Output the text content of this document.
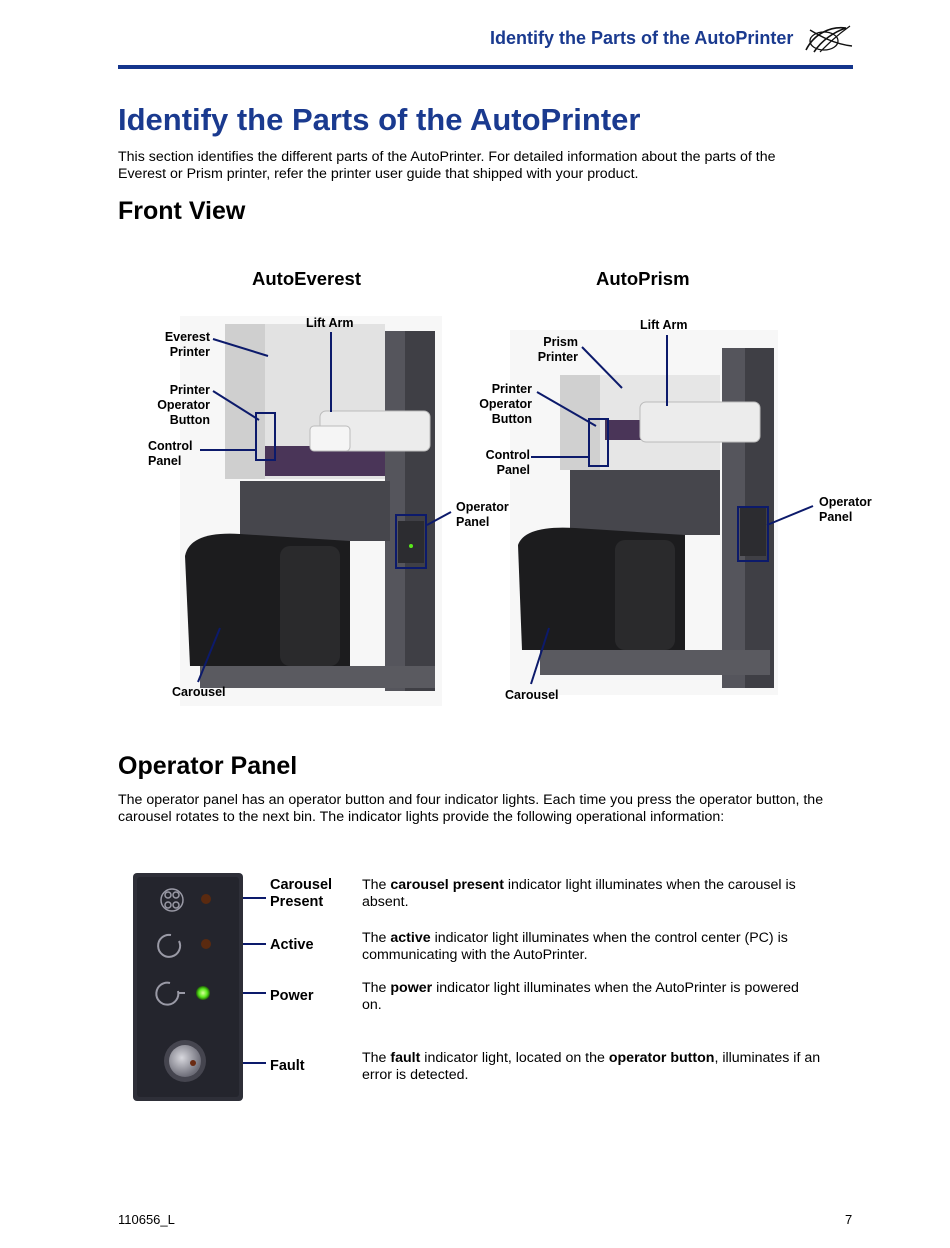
Identify the Parts of the AutoPrinter
Identify the Parts of the AutoPrinter
This section identifies the different parts of the AutoPrinter. For detailed information about the parts of the
Everest or Prism printer, refer the printer user guide that shipped with your product.
Front View
AutoEverest	AutoPrism
Everest
Printer
Lift Arm
Printer
Operator
Button
Control
Panel
Operator
Panel
Carousel
Prism
Printer
Lift Arm
Printer
Operator
Button
Control
Panel
Operator
Panel
Carousel
Operator Panel
The operator panel has an operator button and four indicator lights. Each time you press the operator button, the
carousel rotates to the next bin. The indicator lights provide the following operational information:
Carousel
Present
The carousel present indicator light illuminates when the carousel is absent.
Active	The active indicator light illuminates when the control center (PC) is communicating with the AutoPrinter.
Power	The power indicator light illuminates when the AutoPrinter is powered on.
Fault	The fault indicator light, located on the operator button, illuminates if an error is detected.
110656_L	7
